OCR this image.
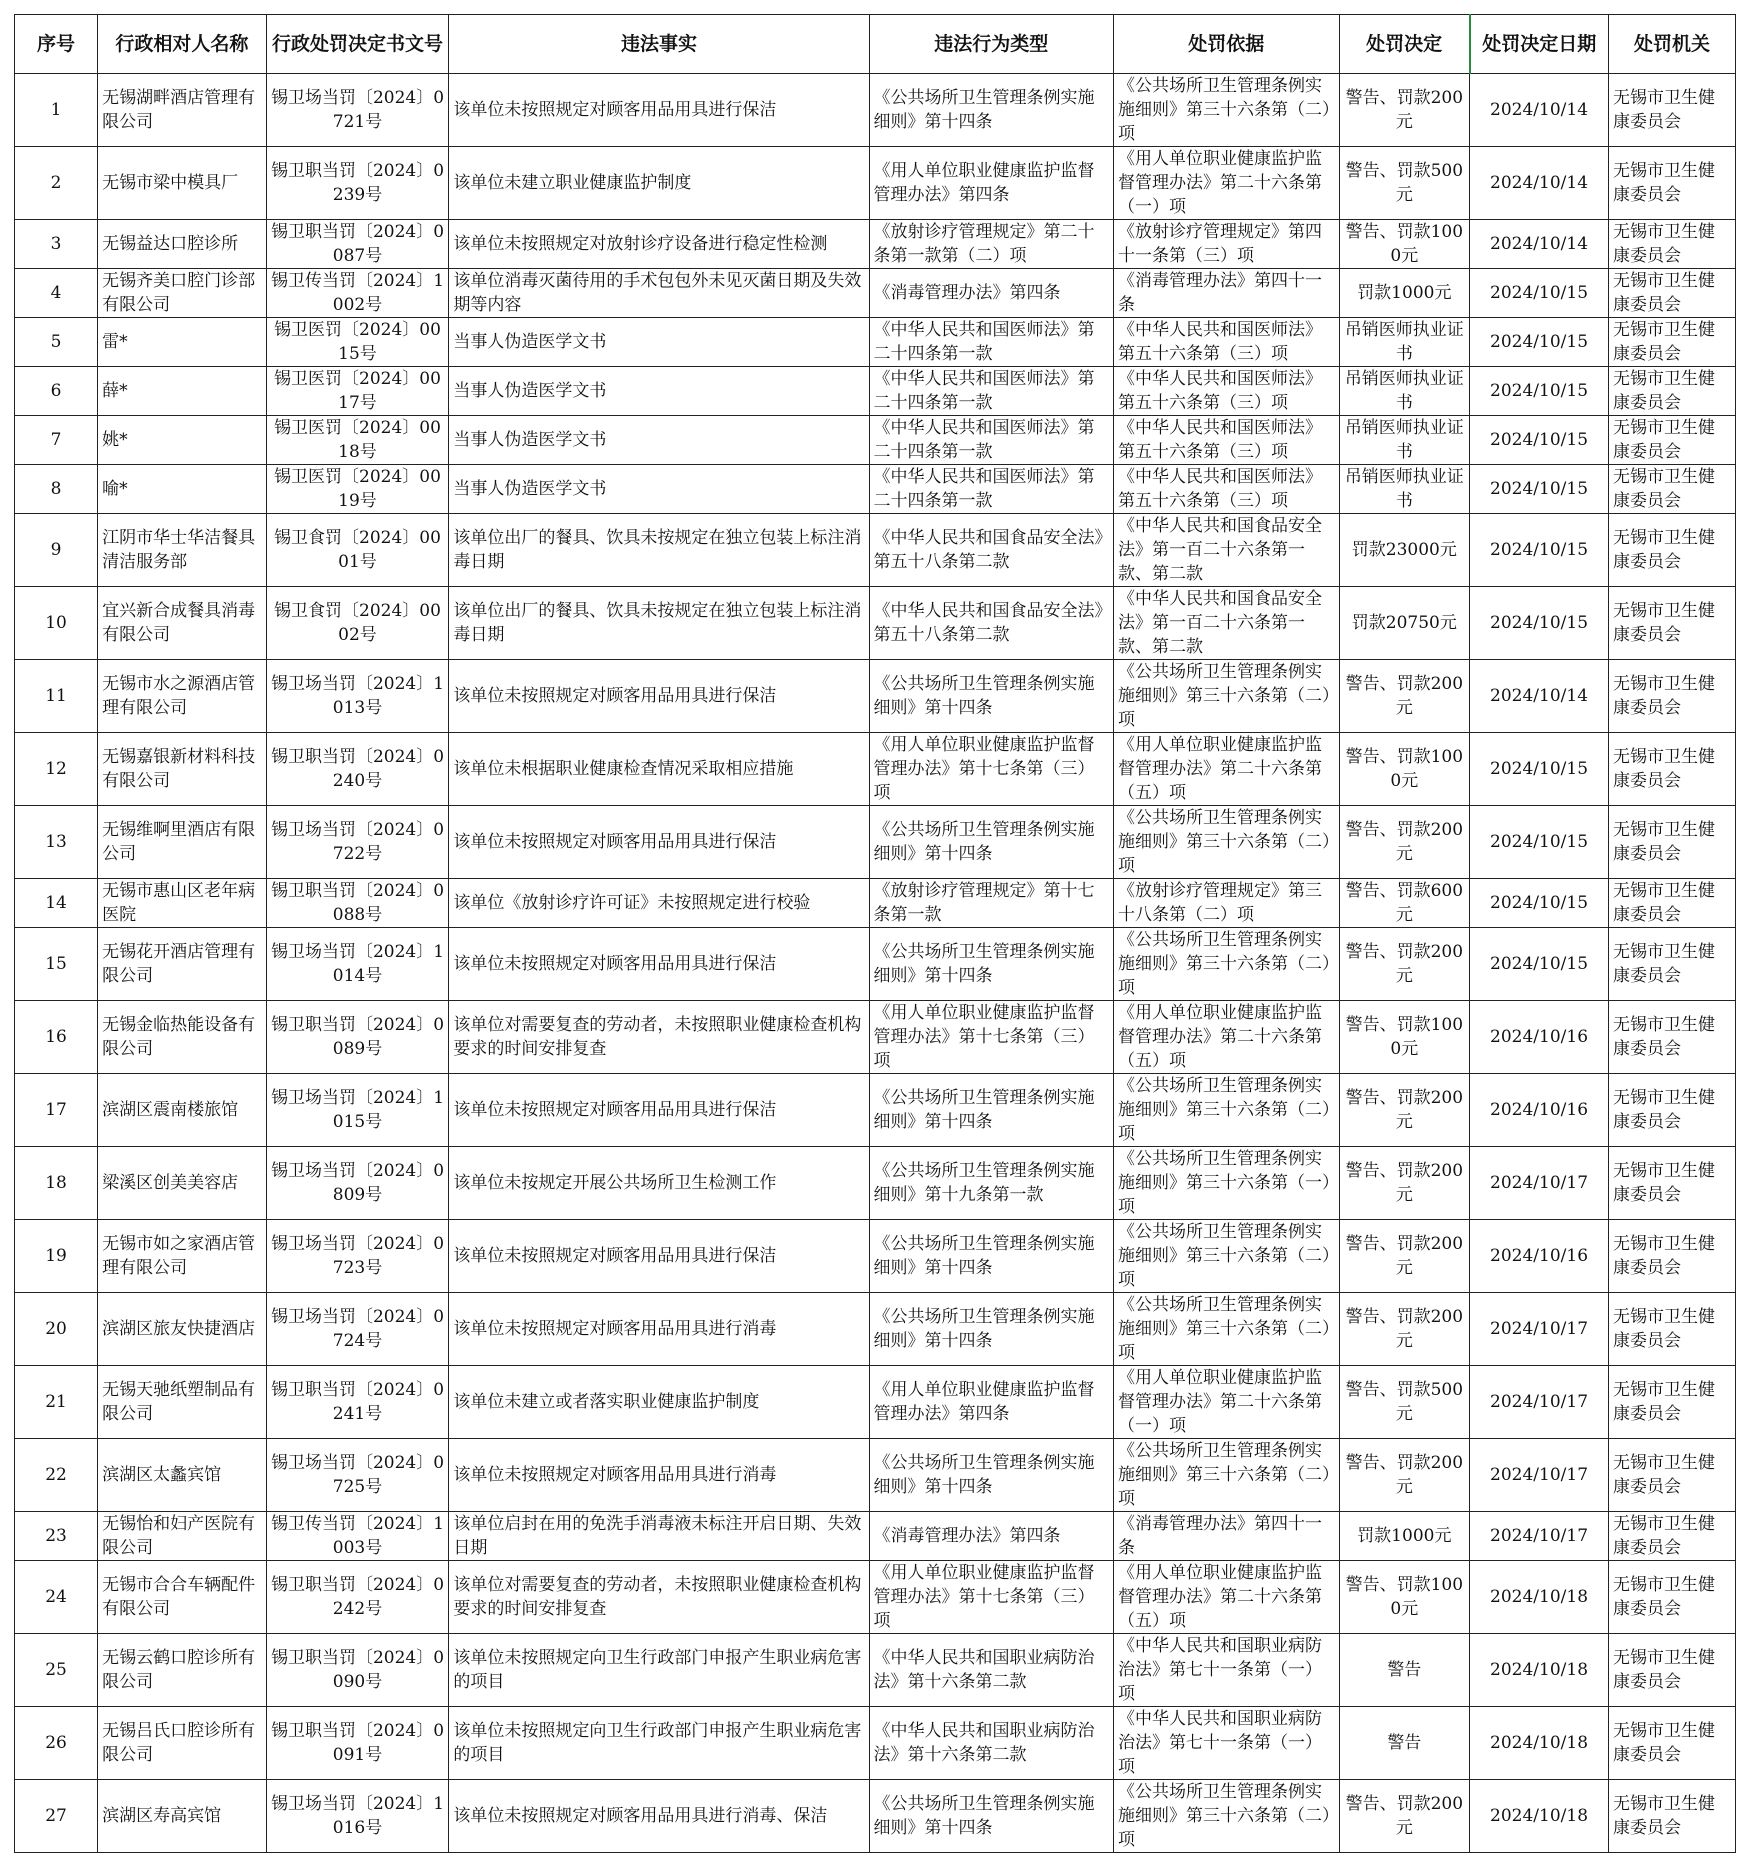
序号	行政相对人名称	行政处罚决定书文号	违法事实	违法行为类型	处罚依据	处罚决定	处罚决定日期	处罚机关
1	无锡湖畔酒店管理有限公司	锡卫场当罚〔2024〕0721号	该单位未按照规定对顾客用品用具进行保洁	《公共场所卫生管理条例实施细则》第十四条	《公共场所卫生管理条例实施细则》第三十六条第（二）项	警告、罚款200元	2024/10/14	无锡市卫生健康委员会
2	无锡市梁中模具厂	锡卫职当罚〔2024〕0239号	该单位未建立职业健康监护制度	《用人单位职业健康监护监督管理办法》第四条	《用人单位职业健康监护监督管理办法》第二十六条第（一）项	警告、罚款500元	2024/10/14	无锡市卫生健康委员会
3	无锡益达口腔诊所	锡卫职当罚〔2024〕0087号	该单位未按照规定对放射诊疗设备进行稳定性检测	《放射诊疗管理规定》第二十条第一款第（二）项	《放射诊疗管理规定》第四十一条第（三）项	警告、罚款1000元	2024/10/14	无锡市卫生健康委员会
4	无锡齐美口腔门诊部有限公司	锡卫传当罚〔2024〕1002号	该单位消毒灭菌待用的手术包包外未见灭菌日期及失效期等内容	《消毒管理办法》第四条	《消毒管理办法》第四十一条	罚款1000元	2024/10/15	无锡市卫生健康委员会
5	雷*	锡卫医罚〔2024〕0015号	当事人伪造医学文书	《中华人民共和国医师法》第二十四条第一款	《中华人民共和国医师法》第五十六条第（三）项	吊销医师执业证书	2024/10/15	无锡市卫生健康委员会
6	薛*	锡卫医罚〔2024〕0017号	当事人伪造医学文书	《中华人民共和国医师法》第二十四条第一款	《中华人民共和国医师法》第五十六条第（三）项	吊销医师执业证书	2024/10/15	无锡市卫生健康委员会
7	姚*	锡卫医罚〔2024〕0018号	当事人伪造医学文书	《中华人民共和国医师法》第二十四条第一款	《中华人民共和国医师法》第五十六条第（三）项	吊销医师执业证书	2024/10/15	无锡市卫生健康委员会
8	喻*	锡卫医罚〔2024〕0019号	当事人伪造医学文书	《中华人民共和国医师法》第二十四条第一款	《中华人民共和国医师法》第五十六条第（三）项	吊销医师执业证书	2024/10/15	无锡市卫生健康委员会
9	江阴市华士华洁餐具清洁服务部	锡卫食罚〔2024〕0001号	该单位出厂的餐具、饮具未按规定在独立包装上标注消毒日期	《中华人民共和国食品安全法》第五十八条第二款	《中华人民共和国食品安全法》第一百二十六条第一款、第二款	罚款23000元	2024/10/15	无锡市卫生健康委员会
10	宜兴新合成餐具消毒有限公司	锡卫食罚〔2024〕0002号	该单位出厂的餐具、饮具未按规定在独立包装上标注消毒日期	《中华人民共和国食品安全法》第五十八条第二款	《中华人民共和国食品安全法》第一百二十六条第一款、第二款	罚款20750元	2024/10/15	无锡市卫生健康委员会
11	无锡市水之源酒店管理有限公司	锡卫场当罚〔2024〕1013号	该单位未按照规定对顾客用品用具进行保洁	《公共场所卫生管理条例实施细则》第十四条	《公共场所卫生管理条例实施细则》第三十六条第（二）项	警告、罚款200元	2024/10/14	无锡市卫生健康委员会
12	无锡嘉银新材料科技有限公司	锡卫职当罚〔2024〕0240号	该单位未根据职业健康检查情况采取相应措施	《用人单位职业健康监护监督管理办法》第十七条第（三）项	《用人单位职业健康监护监督管理办法》第二十六条第（五）项	警告、罚款1000元	2024/10/15	无锡市卫生健康委员会
13	无锡维啊里酒店有限公司	锡卫场当罚〔2024〕0722号	该单位未按照规定对顾客用品用具进行保洁	《公共场所卫生管理条例实施细则》第十四条	《公共场所卫生管理条例实施细则》第三十六条第（二）项	警告、罚款200元	2024/10/15	无锡市卫生健康委员会
14	无锡市惠山区老年病医院	锡卫职当罚〔2024〕0088号	该单位《放射诊疗许可证》未按照规定进行校验	《放射诊疗管理规定》第十七条第一款	《放射诊疗管理规定》第三十八条第（二）项	警告、罚款600元	2024/10/15	无锡市卫生健康委员会
15	无锡花开酒店管理有限公司	锡卫场当罚〔2024〕1014号	该单位未按照规定对顾客用品用具进行保洁	《公共场所卫生管理条例实施细则》第十四条	《公共场所卫生管理条例实施细则》第三十六条第（二）项	警告、罚款200元	2024/10/15	无锡市卫生健康委员会
16	无锡金临热能设备有限公司	锡卫职当罚〔2024〕0089号	该单位对需要复查的劳动者，未按照职业健康检查机构要求的时间安排复查	《用人单位职业健康监护监督管理办法》第十七条第（三）项	《用人单位职业健康监护监督管理办法》第二十六条第（五）项	警告、罚款1000元	2024/10/16	无锡市卫生健康委员会
17	滨湖区震南楼旅馆	锡卫场当罚〔2024〕1015号	该单位未按照规定对顾客用品用具进行保洁	《公共场所卫生管理条例实施细则》第十四条	《公共场所卫生管理条例实施细则》第三十六条第（二）项	警告、罚款200元	2024/10/16	无锡市卫生健康委员会
18	梁溪区创美美容店	锡卫场当罚〔2024〕0809号	该单位未按规定开展公共场所卫生检测工作	《公共场所卫生管理条例实施细则》第十九条第一款	《公共场所卫生管理条例实施细则》第三十六条第（一）项	警告、罚款200元	2024/10/17	无锡市卫生健康委员会
19	无锡市如之家酒店管理有限公司	锡卫场当罚〔2024〕0723号	该单位未按照规定对顾客用品用具进行保洁	《公共场所卫生管理条例实施细则》第十四条	《公共场所卫生管理条例实施细则》第三十六条第（二）项	警告、罚款200元	2024/10/16	无锡市卫生健康委员会
20	滨湖区旅友快捷酒店	锡卫场当罚〔2024〕0724号	该单位未按照规定对顾客用品用具进行消毒	《公共场所卫生管理条例实施细则》第十四条	《公共场所卫生管理条例实施细则》第三十六条第（二）项	警告、罚款200元	2024/10/17	无锡市卫生健康委员会
21	无锡天驰纸塑制品有限公司	锡卫职当罚〔2024〕0241号	该单位未建立或者落实职业健康监护制度	《用人单位职业健康监护监督管理办法》第四条	《用人单位职业健康监护监督管理办法》第二十六条第（一）项	警告、罚款500元	2024/10/17	无锡市卫生健康委员会
22	滨湖区太蠡宾馆	锡卫场当罚〔2024〕0725号	该单位未按照规定对顾客用品用具进行消毒	《公共场所卫生管理条例实施细则》第十四条	《公共场所卫生管理条例实施细则》第三十六条第（二）项	警告、罚款200元	2024/10/17	无锡市卫生健康委员会
23	无锡怡和妇产医院有限公司	锡卫传当罚〔2024〕1003号	该单位启封在用的免洗手消毒液未标注开启日期、失效日期	《消毒管理办法》第四条	《消毒管理办法》第四十一条	罚款1000元	2024/10/17	无锡市卫生健康委员会
24	无锡市合合车辆配件有限公司	锡卫职当罚〔2024〕0242号	该单位对需要复查的劳动者，未按照职业健康检查机构要求的时间安排复查	《用人单位职业健康监护监督管理办法》第十七条第（三）项	《用人单位职业健康监护监督管理办法》第二十六条第（五）项	警告、罚款1000元	2024/10/18	无锡市卫生健康委员会
25	无锡云鹤口腔诊所有限公司	锡卫职当罚〔2024〕0090号	该单位未按照规定向卫生行政部门申报产生职业病危害的项目	《中华人民共和国职业病防治法》第十六条第二款	《中华人民共和国职业病防治法》第七十一条第（一）项	警告	2024/10/18	无锡市卫生健康委员会
26	无锡吕氏口腔诊所有限公司	锡卫职当罚〔2024〕0091号	该单位未按照规定向卫生行政部门申报产生职业病危害的项目	《中华人民共和国职业病防治法》第十六条第二款	《中华人民共和国职业病防治法》第七十一条第（一）项	警告	2024/10/18	无锡市卫生健康委员会
27	滨湖区寿高宾馆	锡卫场当罚〔2024〕1016号	该单位未按照规定对顾客用品用具进行消毒、保洁	《公共场所卫生管理条例实施细则》第十四条	《公共场所卫生管理条例实施细则》第三十六条第（二）项	警告、罚款200元	2024/10/18	无锡市卫生健康委员会
